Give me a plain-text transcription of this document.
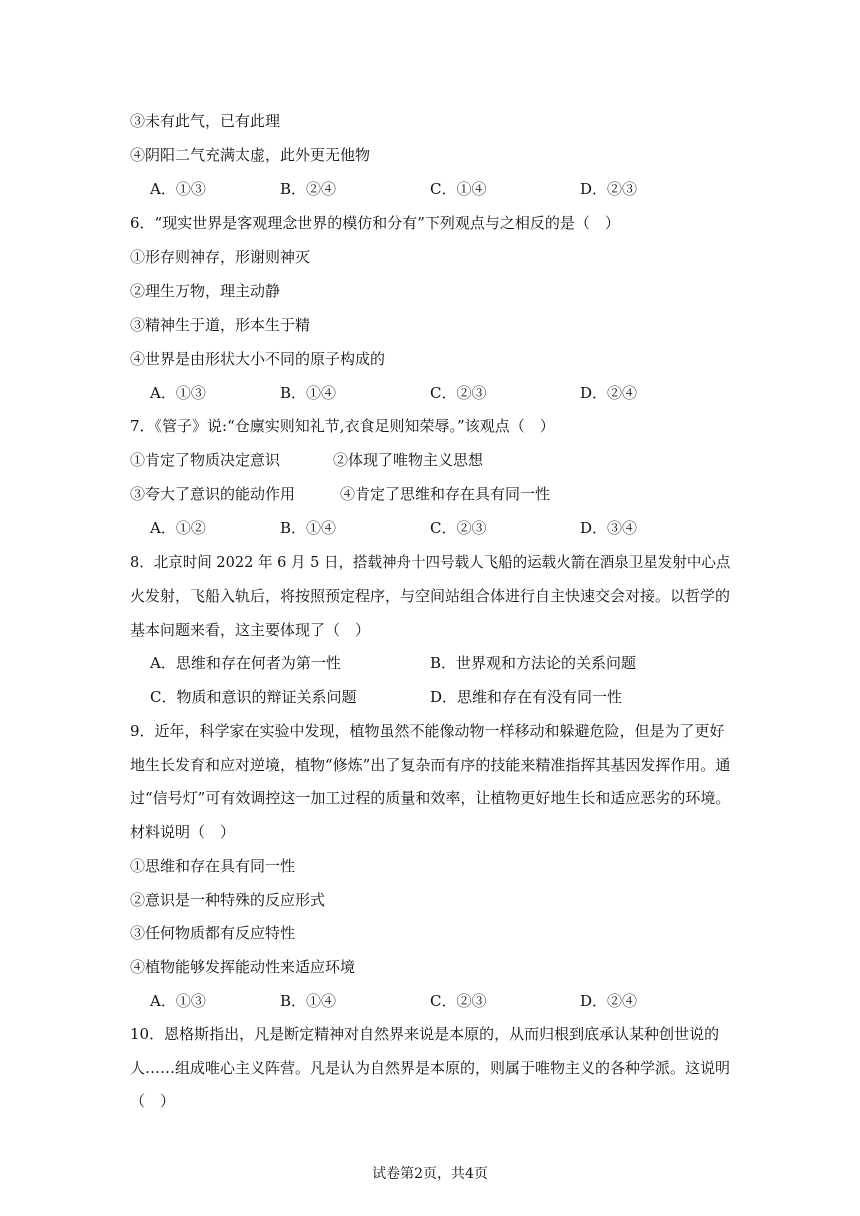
③未有此气，已有此理
④阴阳二气充满太虚，此外更无他物
A．①③	B．②④	C．①④	D．②③
6．“现实世界是客观理念世界的模仿和分有”下列观点与之相反的是（　）
①形存则神存，形谢则神灭
②理生万物，理主动静
③精神生于道，形本生于精
④世界是由形状大小不同的原子构成的
A．①③	B．①④	C．②③	D．②④
7．《管子》说:“仓廪实则知礼节,衣食足则知荣辱。”该观点（　）
①肯定了物质决定意识	②体现了唯物主义思想
③夸大了意识的能动作用	④肯定了思维和存在具有同一性
A．①②	B．①④	C．②③	D．③④
8．北京时间 2022 年 6 月 5 日，搭载神舟十四号载人飞船的运载火箭在酒泉卫星发射中心点
火发射，飞船入轨后，将按照预定程序，与空间站组合体进行自主快速交会对接。以哲学的
基本问题来看，这主要体现了（　）
A．思维和存在何者为第一性	B．世界观和方法论的关系问题
C．物质和意识的辩证关系问题	D．思维和存在有没有同一性
9．近年，科学家在实验中发现，植物虽然不能像动物一样移动和躲避危险，但是为了更好
地生长发育和应对逆境，植物“修炼”出了复杂而有序的技能来精准指挥其基因发挥作用。通
过“信号灯”可有效调控这一加工过程的质量和效率，让植物更好地生长和适应恶劣的环境。
材料说明（　）
①思维和存在具有同一性
②意识是一种特殊的反应形式
③任何物质都有反应特性
④植物能够发挥能动性来适应环境
A．①③	B．①④	C．②③	D．②④
10．恩格斯指出，凡是断定精神对自然界来说是本原的，从而归根到底承认某种创世说的
人……组成唯心主义阵营。凡是认为自然界是本原的，则属于唯物主义的各种学派。这说明
（　）
试卷第2页，共4页
